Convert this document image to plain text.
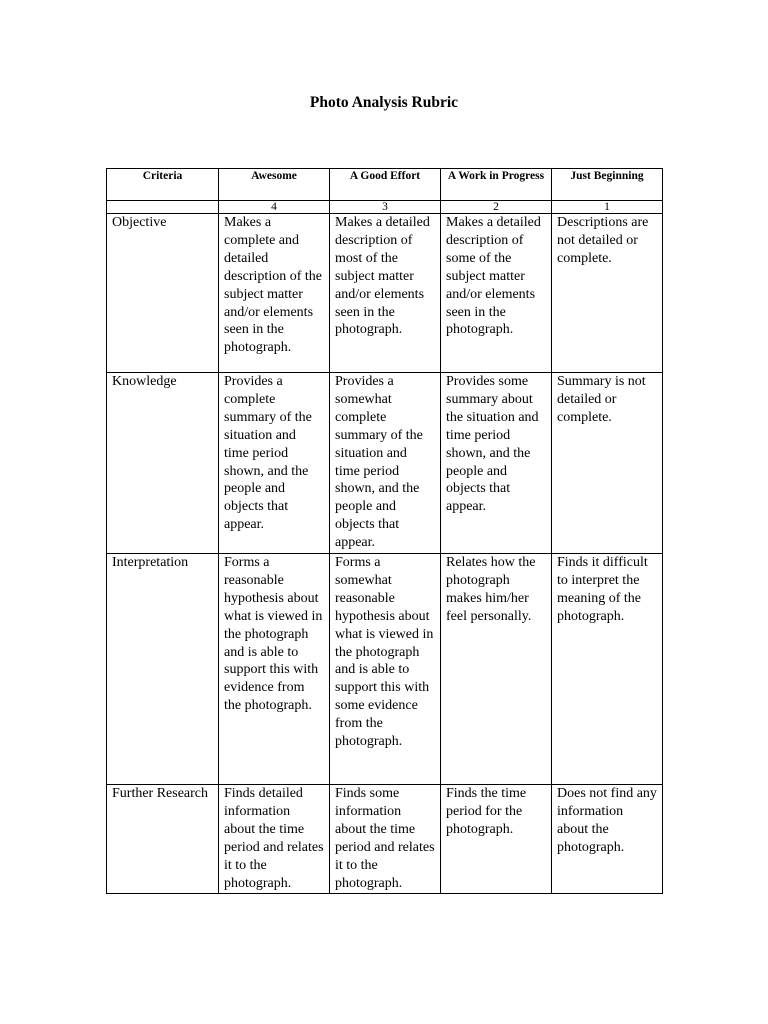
Photo Analysis Rubric
Criteria	Awesome	A Good Effort	A Work in Progress	Just Beginning
	4	3	2	1
Objective	Makes a complete and detailed description of the subject matter and/or elements seen in the photograph.	Makes a detailed description of most of the subject matter and/or elements seen in the photograph.	Makes a detailed description of some of the subject matter and/or elements seen in the photograph.	Descriptions are not detailed or complete.
Knowledge	Provides a complete summary of the situation and time period shown, and the people and objects that appear.	Provides a somewhat complete summary of the situation and time period shown, and the people and objects that appear.	Provides some summary about the situation and time period shown, and the people and objects that appear.	Summary is not detailed or complete.
Interpretation	Forms a reasonable hypothesis about what is viewed in the photograph and is able to support this with evidence from the photograph.	Forms a somewhat reasonable hypothesis about what is viewed in the photograph and is able to support this with some evidence from the photograph.	Relates how the photograph makes him/her feel personally.	Finds it difficult to interpret the meaning of the photograph.
Further Research	Finds detailed information about the time period and relates it to the photograph.	Finds some information about the time period and relates it to the photograph.	Finds the time period for the photograph.	Does not find any information about the photograph.
